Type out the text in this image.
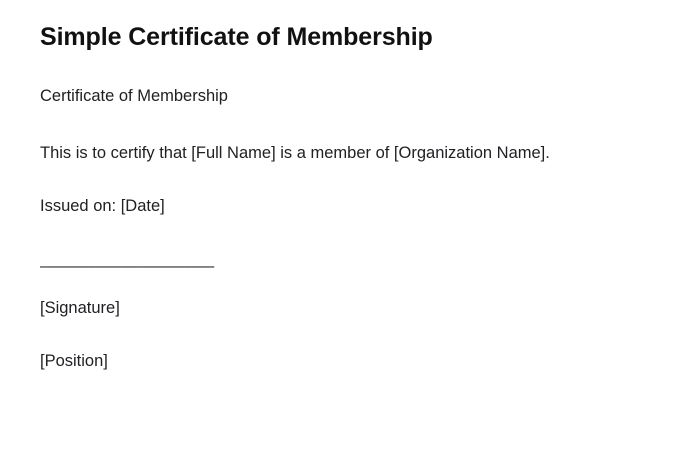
Simple Certificate of Membership

Certificate of Membership

This is to certify that [Full Name] is a member of [Organization Name].

Issued on: [Date]

____________________

[Signature]

[Position]
